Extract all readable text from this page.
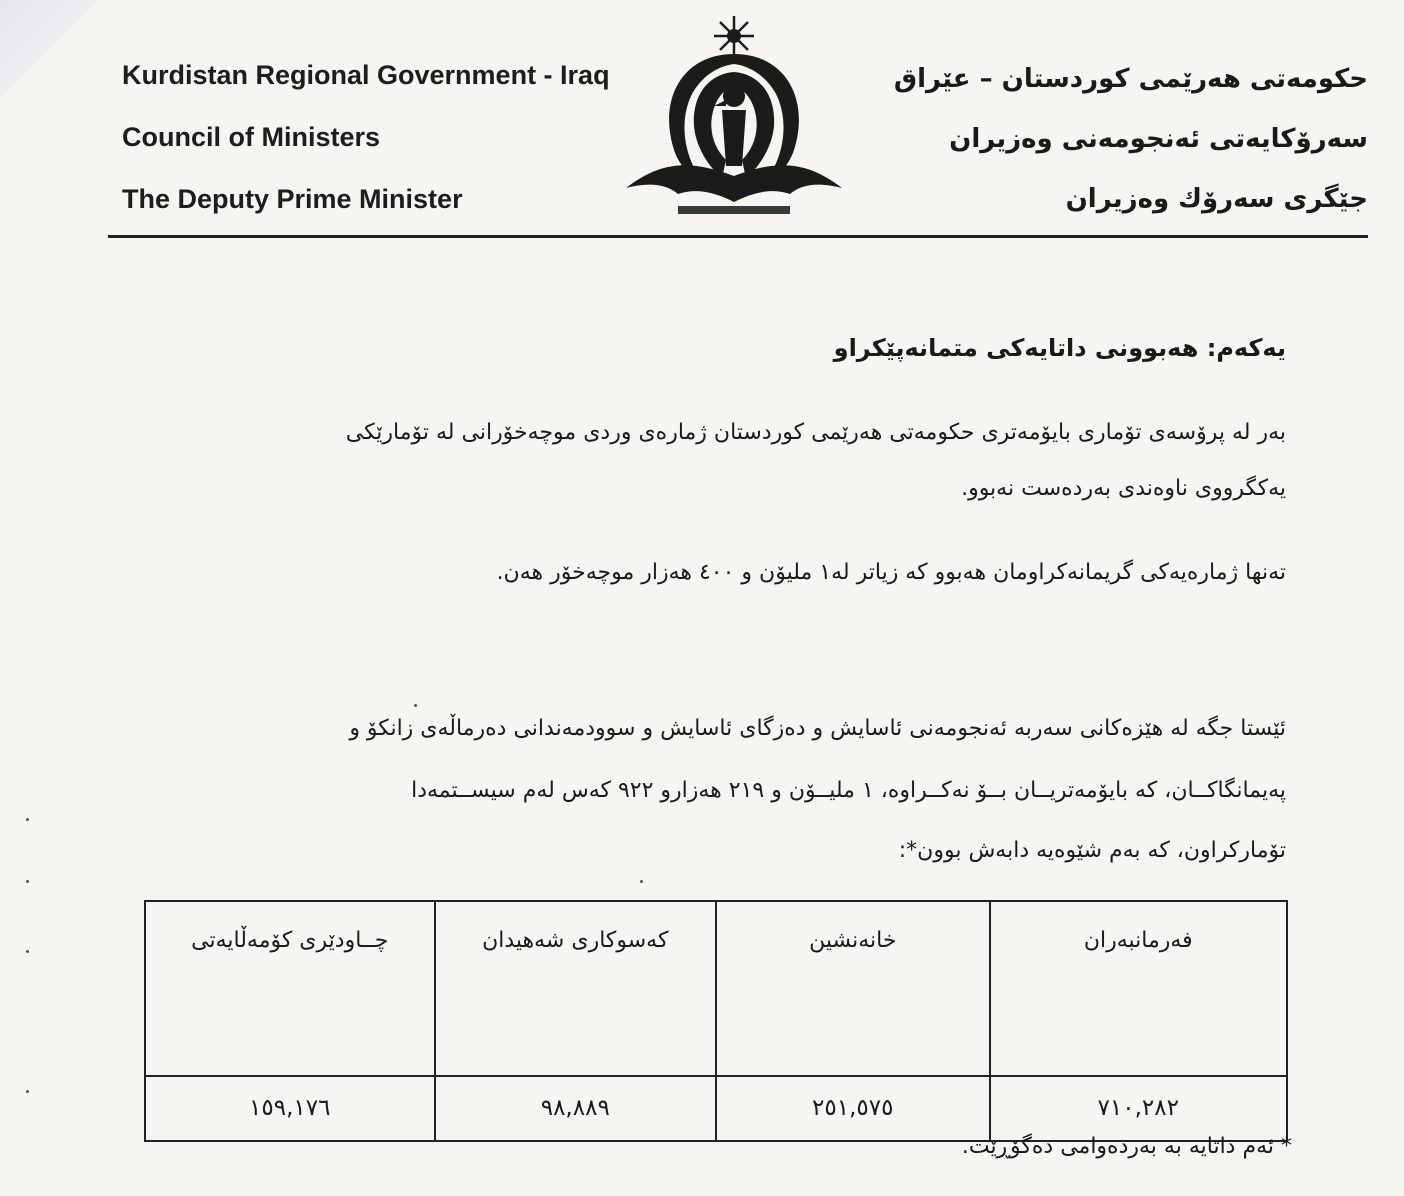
Kurdistan Regional Government - Iraq
Council of Ministers
The Deputy Prime Minister
حكومەتی هەرێمی كوردستان – عێراق
سەرۆكایەتی ئەنجومەنی وەزیران
جێگری سەرۆك وەزیران
یەكەم: هەبوونی داتایەكی متمانەپێكراو
بەر لە پرۆسەی تۆماری بایۆمەتری حكومەتی هەرێمی كوردستان ژمارەی وردی موچەخۆرانی لە تۆمارێكی
یەكگرووی ناوەندی بەردەست نەبوو.
تەنها ژمارەیەكی گریمانەكراومان هەبوو كە زیاتر لە١ ملیۆن و ٤٠٠ هەزار موچەخۆر هەن.
ئێستا جگە لە هێزەكانی سەربە ئەنجومەنی ئاسایش و دەزگای ئاسایش و سوودمەندانی دەرماڵەی زانكۆ و
پەیمانگاكــان، كە بایۆمەتریــان بــۆ نەكــراوە، ١ ملیــۆن و ٢١٩ هەزارو ٩٢٢ كەس لەم سیســتمەدا
تۆماركراون، كە بەم شێوەیە دابەش بوون*:
فەرمانبەران	خانەنشین	كەسوكاری شەهیدان	چــاودێری كۆمەڵایەتی
٧١٠,٢٨٢	٢٥١,٥٧٥	٩٨,٨٨٩	١٥٩,١٧٦
* ئەم داتایە بە بەردەوامی دەگۆڕێت.
